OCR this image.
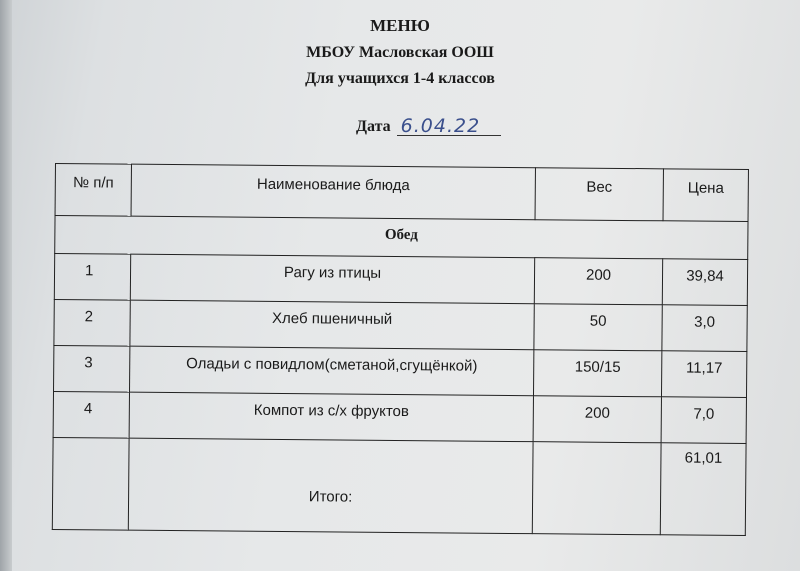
МЕНЮ
МБОУ Масловская ООШ
Для учащихся 1-4 классов
Дата 6.04.22
№ п/п	Наименование блюда	Вес	Цена
Обед			
1	Рагу из птицы	200	39,84
2	Хлеб пшеничный	50	3,0
3	Оладьи с повидлом(сметаной,сгущёнкой)	150/15	11,17
4	Компот из с/х фруктов	200	7,0
	Итого:		61,01
